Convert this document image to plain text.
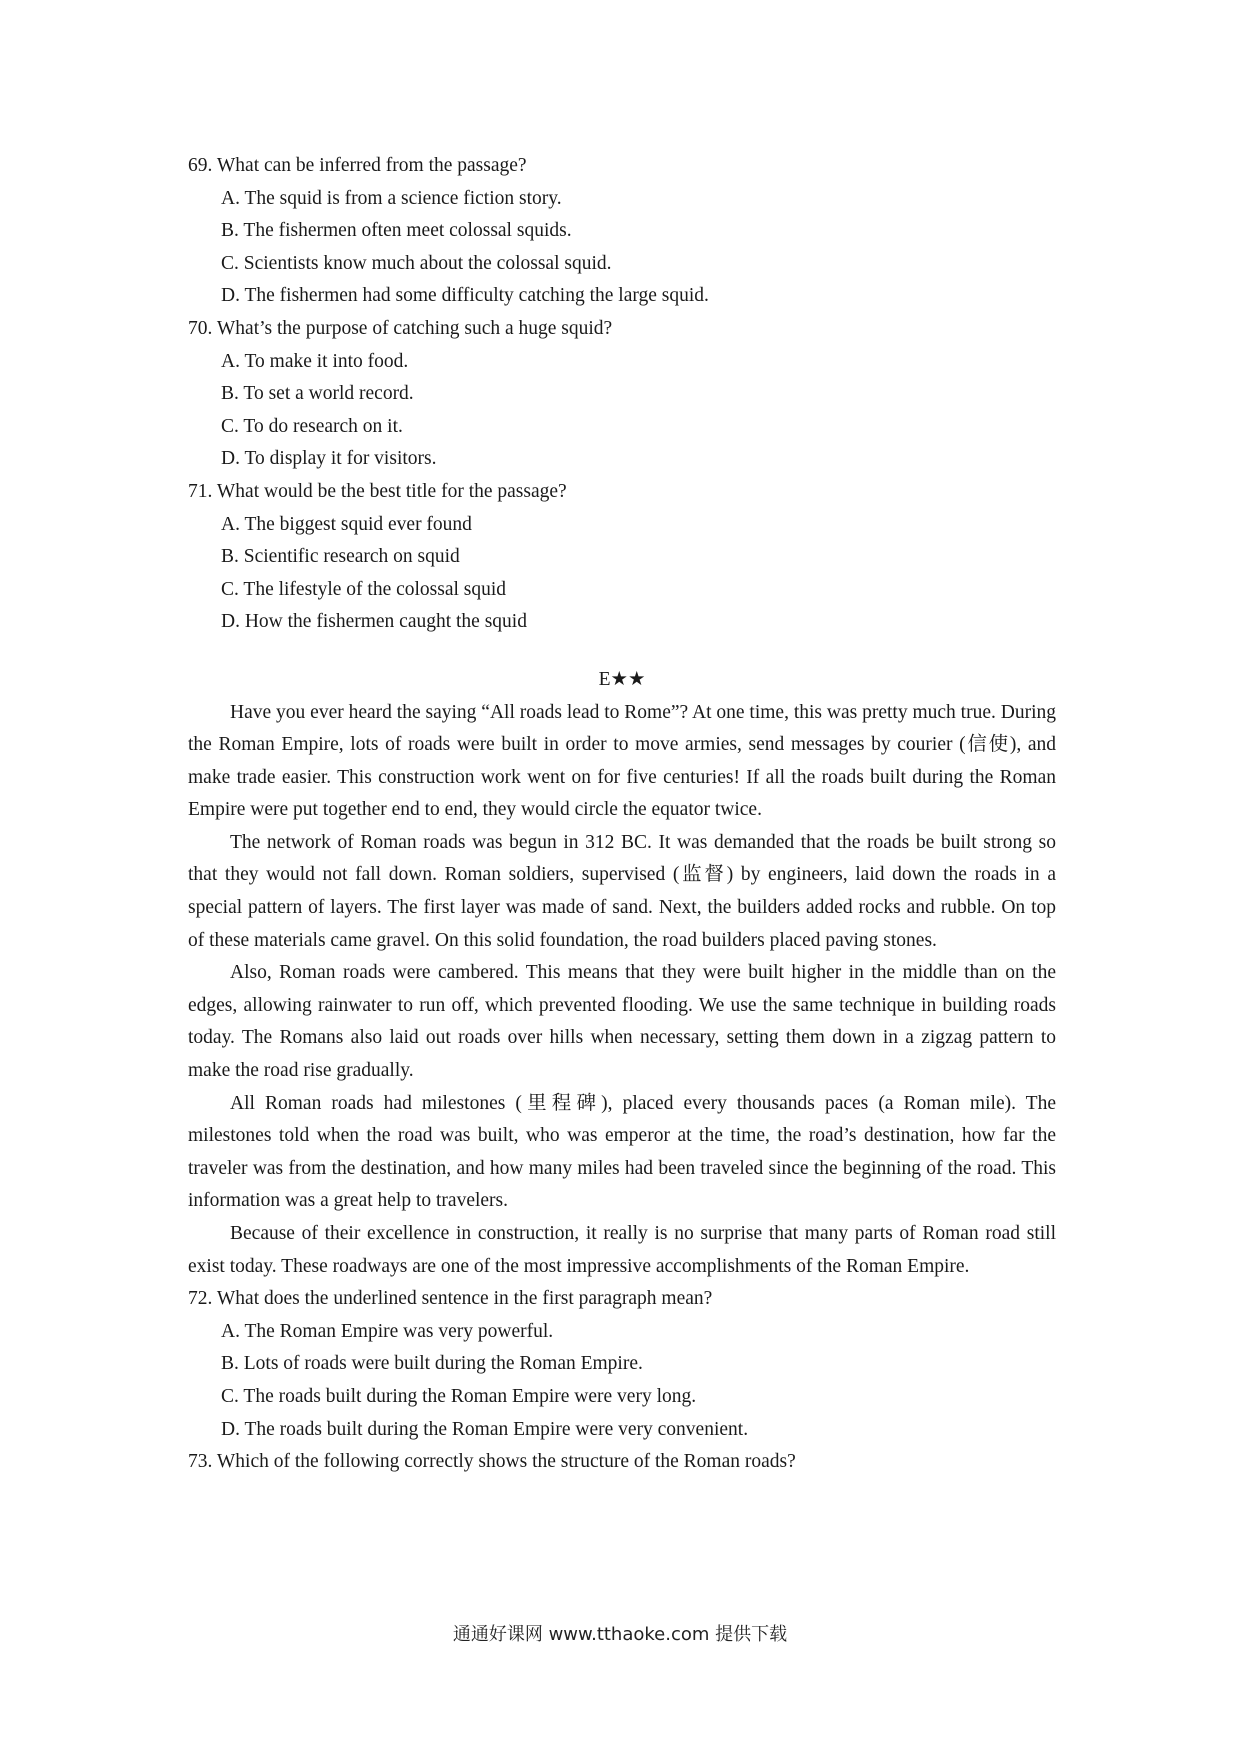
69. What can be inferred from the passage?
A. The squid is from a science fiction story.
B. The fishermen often meet colossal squids.
C. Scientists know much about the colossal squid.
D. The fishermen had some difficulty catching the large squid.
70. What’s the purpose of catching such a huge squid?
A. To make it into food.
B. To set a world record.
C. To do research on it.
D. To display it for visitors.
71. What would be the best title for the passage?
A. The biggest squid ever found
B. Scientific research on squid
C. The lifestyle of the colossal squid
D. How the fishermen caught the squid
E★★

Have you ever heard the saying “All roads lead to Rome”? At one time, this was pretty much true. During the Roman Empire, lots of roads were built in order to move armies, send messages by courier (信使), and make trade easier. This construction work went on for five centuries! If all the roads built during the Roman Empire were put together end to end, they would circle the equator twice.

The network of Roman roads was begun in 312 BC. It was demanded that the roads be built strong so that they would not fall down. Roman soldiers, supervised (监督) by engineers, laid down the roads in a special pattern of layers. The first layer was made of sand. Next, the builders added rocks and rubble. On top of these materials came gravel. On this solid foundation, the road builders placed paving stones.

Also, Roman roads were cambered. This means that they were built higher in the middle than on the edges, allowing rainwater to run off, which prevented flooding. We use the same technique in building roads today. The Romans also laid out roads over hills when necessary, setting them down in a zigzag pattern to make the road rise gradually.

All Roman roads had milestones (里程碑), placed every thousands paces (a Roman mile). The milestones told when the road was built, who was emperor at the time, the road’s destination, how far the traveler was from the destination, and how many miles had been traveled since the beginning of the road. This information was a great help to travelers.

Because of their excellence in construction, it really is no surprise that many parts of Roman road still exist today. These roadways are one of the most impressive accomplishments of the Roman Empire.

72. What does the underlined sentence in the first paragraph mean?
A. The Roman Empire was very powerful.
B. Lots of roads were built during the Roman Empire.
C. The roads built during the Roman Empire were very long.
D. The roads built during the Roman Empire were very convenient.
73. Which of the following correctly shows the structure of the Roman roads?
通通好课网 www.tthaoke.com 提供下载
